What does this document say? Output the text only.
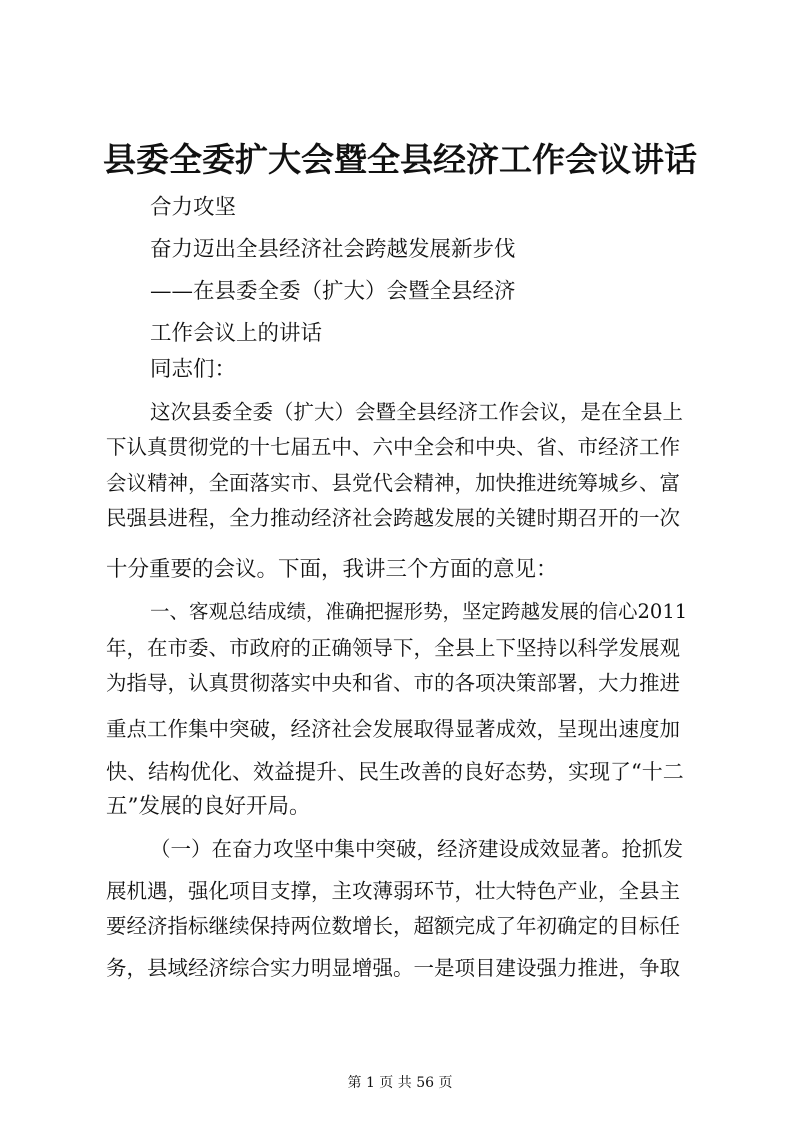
县委全委扩大会暨全县经济工作会议讲话
合力攻坚
奋力迈出全县经济社会跨越发展新步伐
——在县委全委（扩大）会暨全县经济
工作会议上的讲话
同志们：
这次县委全委（扩大）会暨全县经济工作会议，是在全县上
下认真贯彻党的十七届五中、六中全会和中央、省、市经济工作
会议精神，全面落实市、县党代会精神，加快推进统筹城乡、富
民强县进程，全力推动经济社会跨越发展的关键时期召开的一次
十分重要的会议。下面，我讲三个方面的意见：
一、客观总结成绩，准确把握形势，坚定跨越发展的信心2011
年，在市委、市政府的正确领导下，全县上下坚持以科学发展观
为指导，认真贯彻落实中央和省、市的各项决策部署，大力推进
重点工作集中突破，经济社会发展取得显著成效，呈现出速度加
快、结构优化、效益提升、民生改善的良好态势，实现了“十二
五”发展的良好开局。
（一）在奋力攻坚中集中突破，经济建设成效显著。抢抓发
展机遇，强化项目支撑，主攻薄弱环节，壮大特色产业，全县主
要经济指标继续保持两位数增长，超额完成了年初确定的目标任
务，县域经济综合实力明显增强。一是项目建设强力推进，争取
第 1 页 共 56 页
